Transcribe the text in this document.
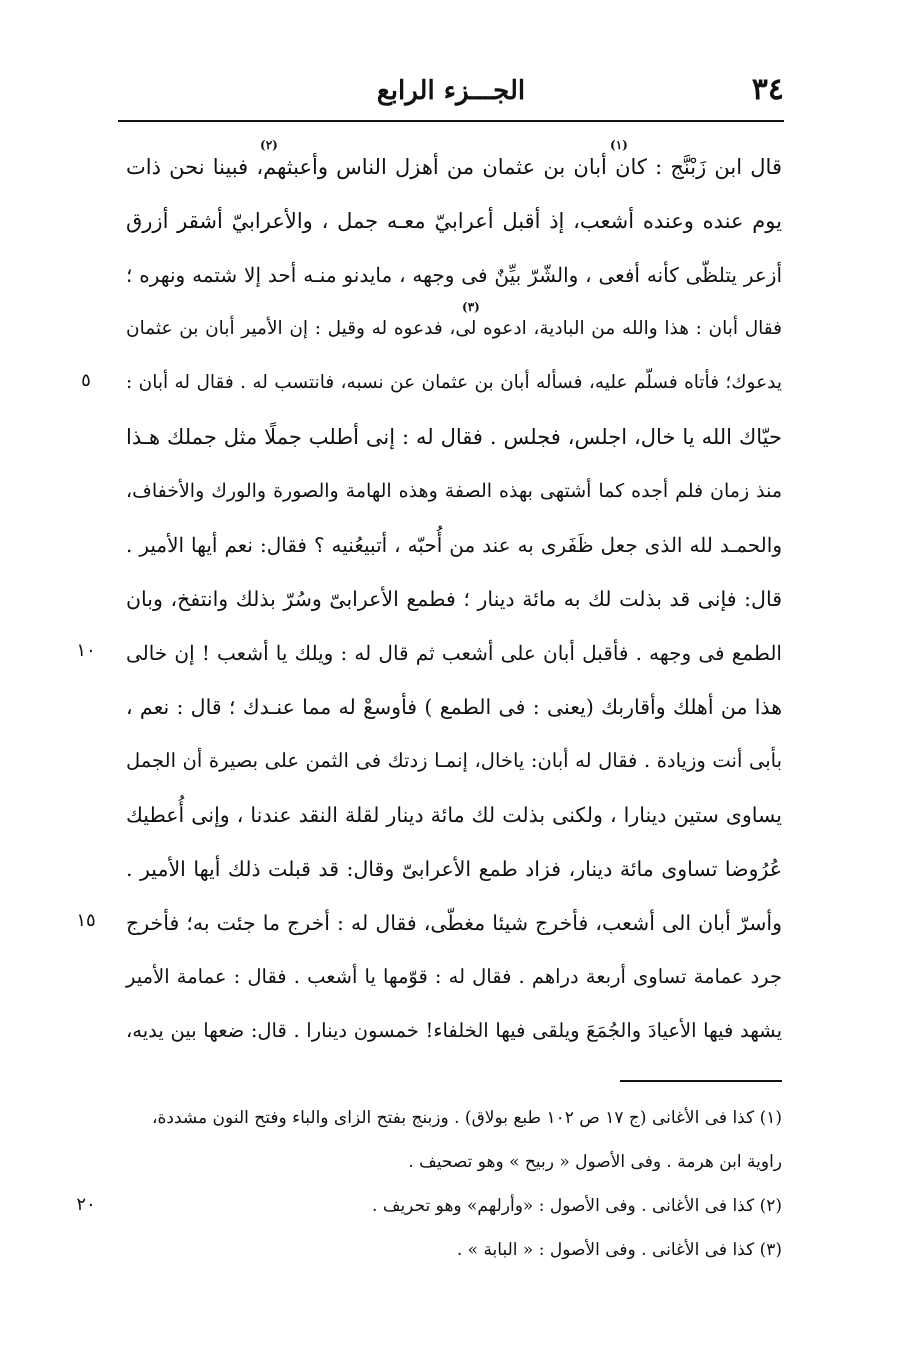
٣٤
الجـــزء الرابع
(١)
(٢)
قال ابن زَبْنَّج : كان أبان بن عثمان من أهزل الناس وأعبثهم، فبينا نحن ذات
يوم عنده وعنده أشعب، إذ أقبل أعرابيّ معـه جمل ، والأعرابيّ أشقر أزرق
أزعر يتلظّى كأنه أفعى ، والشّرّ بيِّنٌ فى وجهه ، مايدنو منـه أحد إلا شتمه ونهره ؛
(٣)
فقال أبان : هذا والله من البادية، ادعوه لى، فدعوه له وقيل : إن الأمير أبان بن عثمان
٥	يدعوك؛ فأتاه فسلّم عليه، فسأله أبان بن عثمان عن نسبه، فانتسب له . فقال له أبان :
حيّاك الله يا خال، اجلس، فجلس . فقال له : إنى أطلب جملًا مثل جملك هـذا
منذ زمان فلم أجده كما أشتهى بهذه الصفة وهذه الهامة والصورة والورك والأخفاف،
والحمـد لله الذى جعل ظَفَرى به عند من أُحبّه ، أتبيعُنيه ؟ فقال: نعم أيها الأمير .
قال: فإنى قد بذلت لك به مائة دينار ؛ فطمع الأعرابىّ وسُرّ بذلك وانتفخ، وبان
١٠	الطمع فى وجهه . فأقبل أبان على أشعب ثم قال له : ويلك يا أشعب ! إن خالى
هذا من أهلك وأقاربك (يعنى : فى الطمع ) فأوسعْ له مما عنـدك ؛ قال : نعم ،
بأبى أنت وزيادة . فقال له أبان: ياخال، إنمـا زدتك فى الثمن على بصيرة أن الجمل
يساوى ستين دينارا ، ولكنى بذلت لك مائة دينار لقلة النقد عندنا ، وإنى أُعطيك
عُرُوضا تساوى مائة دينار، فزاد طمع الأعرابىّ وقال: قد قبلت ذلك أيها الأمير .
١٥	وأسرّ أبان الى أشعب، فأخرج شيئا مغطّى، فقال له : أخرج ما جئت به؛ فأخرج
جرد عمامة تساوى أربعة دراهم . فقال له : قوّمها يا أشعب . فقال : عمامة الأمير
يشهد فيها الأعيادَ والجُمَعَ ويلقى فيها الخلفاء! خمسون دينارا . قال: ضعها بين يديه،
(١) كذا فى الأغانى (ج ١٧ ص ١٠٢ طبع بولاق) . وزبنج بفتح الزاى والباء وفتح النون مشددة،
راوية ابن هرمة . وفى الأصول « ربيح » وهو تصحيف .
٢٠	(٢) كذا فى الأغانى . وفى الأصول : «وأرلهم» وهو تحريف .
(٣) كذا فى الأغانى . وفى الأصول : « البابة » .
